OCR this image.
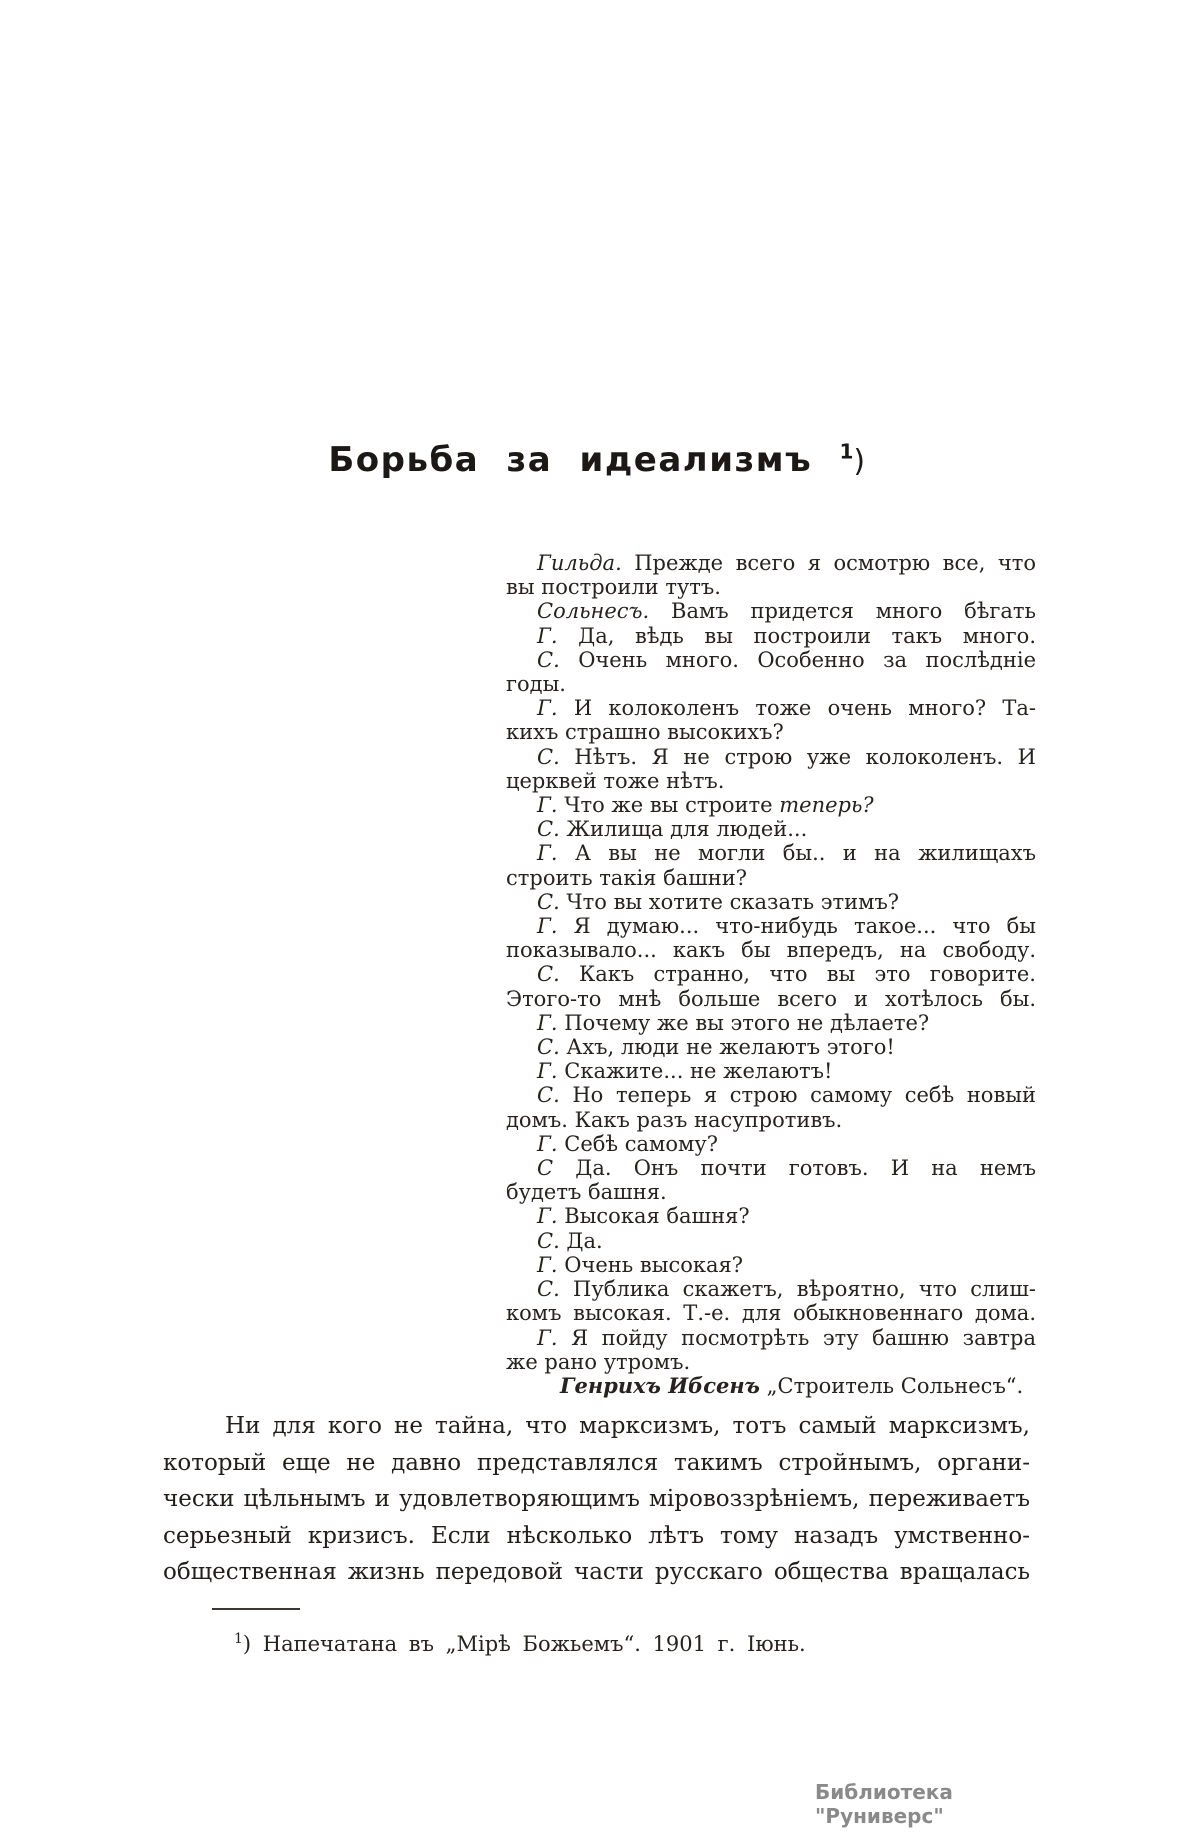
Борьба за идеализмъ $^1$)
Гильда. Прежде всего я осмотрю все, что
вы построили тутъ.
Сольнесъ. Вамъ придется много бѣгать
Г. Да, вѣдь вы построили такъ много.
С. Очень много. Особенно за послѣдніе
годы.
Г. И колоколенъ тоже очень много? Та-
кихъ страшно высокихъ?
С. Нѣтъ. Я не строю уже колоколенъ. И
церквей тоже нѣтъ.
Г. Что же вы строите теперь?
С. Жилища для людей...
Г. А вы не могли бы.. и на жилищахъ
строить такія башни?
С. Что вы хотите сказать этимъ?
Г. Я думаю... что-нибудь такое... что бы
показывало... какъ бы впередъ, на свободу.
С. Какъ странно, что вы это говорите.
Этого-то мнѣ больше всего и хотѣлось бы.
Г. Почему же вы этого не дѣлаете?
С. Ахъ, люди не желаютъ этого!
Г. Скажите... не желаютъ!
С. Но теперь я строю самому себѣ новый
домъ. Какъ разъ насупротивъ.
Г. Себѣ самому?
С Да. Онъ почти готовъ. И на немъ
будетъ башня.
Г. Высокая башня?
С. Да.
Г. Очень высокая?
С. Публика скажетъ, вѣроятно, что слиш-
комъ высокая. Т.-е. для обыкновеннаго дома.
Г. Я пойду посмотрѣть эту башню завтра
же рано утромъ.
Генрихъ Ибсенъ „Строитель Сольнесъ“.
Ни для кого не тайна, что марксизмъ, тотъ самый марксизмъ,
который еще не давно представлялся такимъ стройнымъ, органи-
чески цѣльнымъ и удовлетворяющимъ міровоззрѣніемъ, переживаетъ
серьезный кризисъ. Если нѣсколько лѣтъ тому назадъ умственно-
общественная жизнь передовой части русскаго общества вращалась
$^1$) Напечатана въ „Мірѣ Божьемъ“. 1901 г. Іюнь.
Библиотека "Руниверс"
